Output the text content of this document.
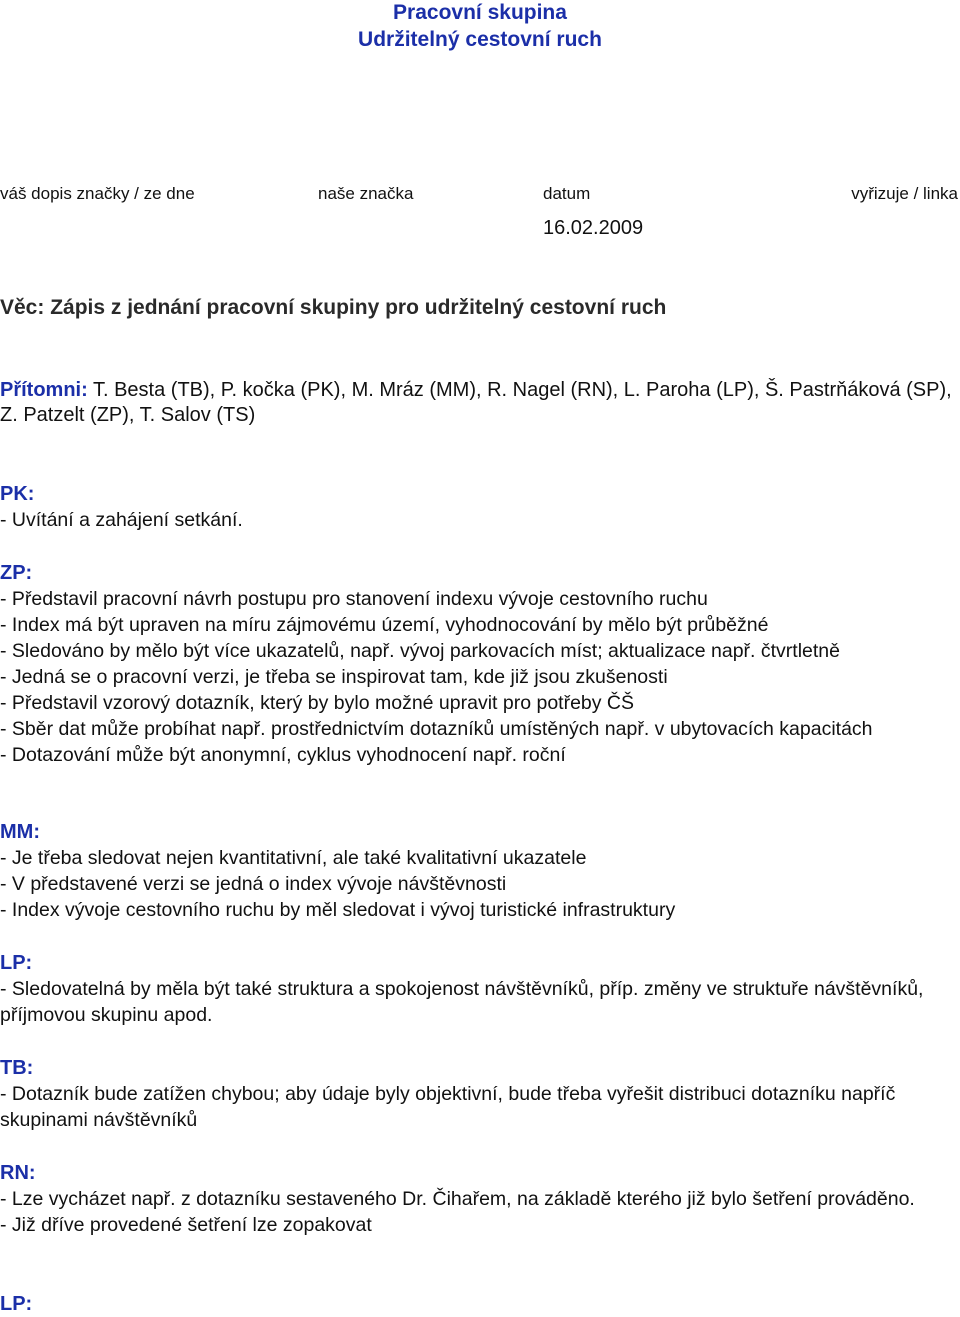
Pracovní skupina
Udržitelný cestovní ruch
váš dopis značky / ze dne	naše značka	datum	vyřizuje / linka
16.02.2009
Věc: Zápis z jednání pracovní skupiny pro udržitelný cestovní ruch
Přítomni: T. Besta (TB), P. kočka (PK), M. Mráz (MM), R. Nagel (RN), L. Paroha (LP), Š. Pastrňáková (SP), Z. Patzelt (ZP), T. Salov (TS)
PK:
- Uvítání a zahájení setkání.
ZP:
- Představil pracovní návrh postupu pro stanovení indexu vývoje cestovního ruchu
- Index má být upraven na míru zájmovému území, vyhodnocování by mělo být průběžné
- Sledováno by mělo být více ukazatelů, např. vývoj parkovacích míst; aktualizace např. čtvrtletně
- Jedná se o pracovní verzi, je třeba se inspirovat tam, kde již jsou zkušenosti
- Představil vzorový dotazník, který by bylo možné upravit pro potřeby ČŠ
- Sběr dat může probíhat např. prostřednictvím dotazníků umístěných např. v ubytovacích kapacitách
- Dotazování může být anonymní, cyklus vyhodnocení např. roční
MM:
- Je třeba sledovat nejen kvantitativní, ale také kvalitativní ukazatele
- V představené verzi se jedná o index vývoje návštěvnosti
- Index vývoje cestovního ruchu by měl sledovat i vývoj turistické infrastruktury
LP:
- Sledovatelná by měla být také struktura a spokojenost návštěvníků, příp. změny ve struktuře návštěvníků, příjmovou skupinu apod.
TB:
- Dotazník bude zatížen chybou; aby údaje byly objektivní, bude třeba vyřešit distribuci dotazníku napříč skupinami návštěvníků
RN:
- Lze vycházet např. z dotazníku sestaveného Dr. Čihařem, na základě kterého již bylo šetření prováděno.
- Již dříve provedené šetření lze zopakovat
LP:
